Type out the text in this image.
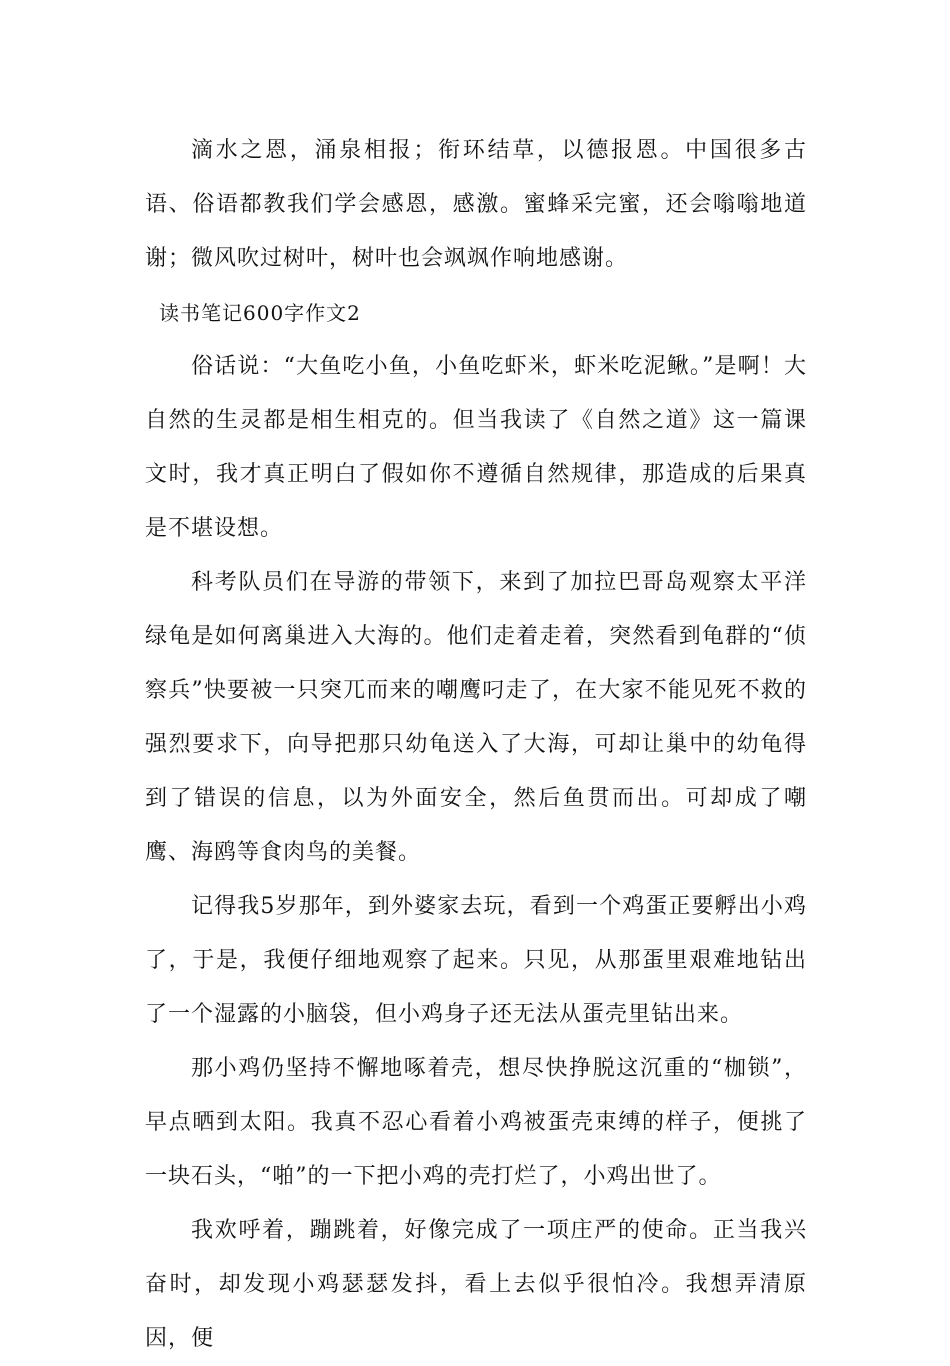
滴水之恩，涌泉相报；衔环结草，以德报恩。中国很多古语、俗语都教我们学会感恩，感激。蜜蜂采完蜜，还会嗡嗡地道谢；微风吹过树叶，树叶也会飒飒作响地感谢。

读书笔记600字作文2

俗话说：“大鱼吃小鱼，小鱼吃虾米，虾米吃泥鳅。”是啊！大自然的生灵都是相生相克的。但当我读了《自然之道》这一篇课文时，我才真正明白了假如你不遵循自然规律，那造成的后果真是不堪设想。

科考队员们在导游的带领下，来到了加拉巴哥岛观察太平洋绿龟是如何离巢进入大海的。他们走着走着，突然看到龟群的“侦察兵”快要被一只突兀而来的嘲鹰叼走了，在大家不能见死不救的强烈要求下，向导把那只幼龟送入了大海，可却让巢中的幼龟得到了错误的信息，以为外面安全，然后鱼贯而出。可却成了嘲鹰、海鸥等食肉鸟的美餐。

记得我5岁那年，到外婆家去玩，看到一个鸡蛋正要孵出小鸡了，于是，我便仔细地观察了起来。只见，从那蛋里艰难地钻出了一个湿露的小脑袋，但小鸡身子还无法从蛋壳里钻出来。

那小鸡仍坚持不懈地啄着壳，想尽快挣脱这沉重的“枷锁”，早点晒到太阳。我真不忍心看着小鸡被蛋壳束缚的样子，便挑了一块石头，“啪”的一下把小鸡的壳打烂了，小鸡出世了。

我欢呼着，蹦跳着，好像完成了一项庄严的使命。正当我兴奋时，却发现小鸡瑟瑟发抖，看上去似乎很怕冷。我想弄清原因，便
